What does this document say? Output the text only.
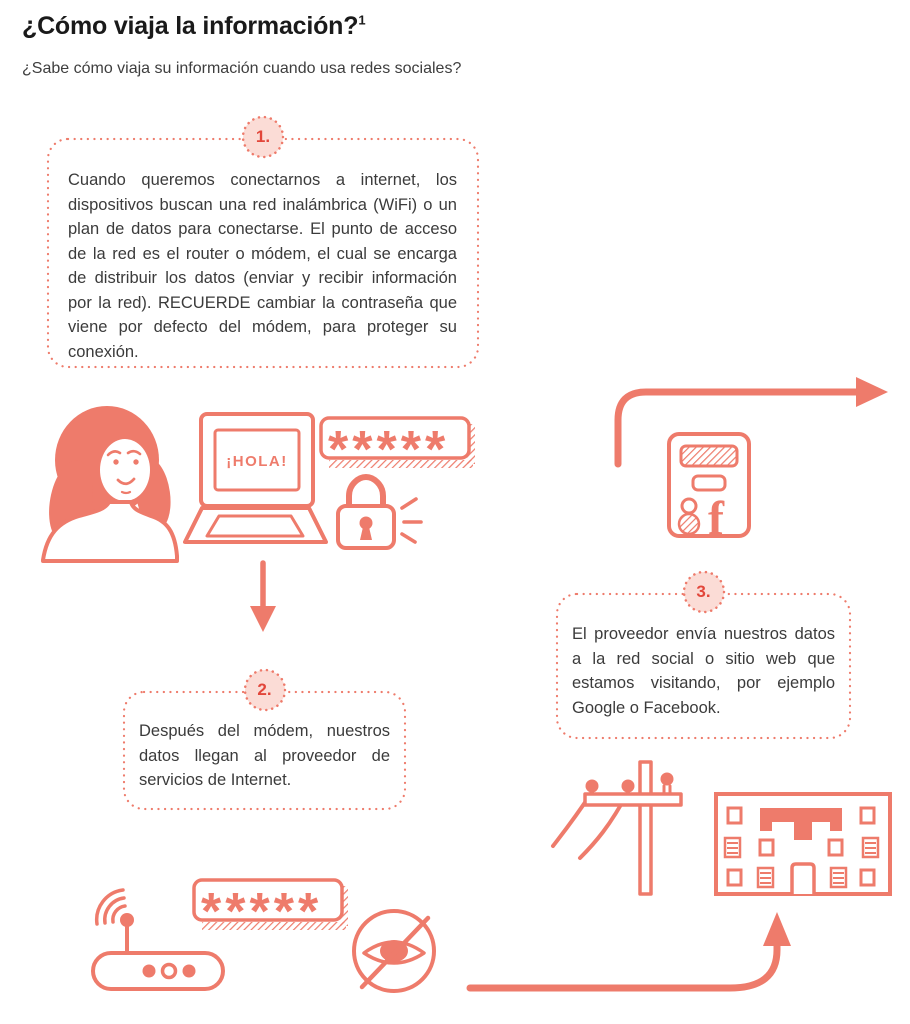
¿Cómo viaja la información?$^1$
¿Sabe cómo viaja su información cuando usa redes sociales?
1.
Cuando queremos conectarnos a internet, los dispositivos buscan una red inalámbrica (WiFi) o un plan de datos para conectarse. El punto de acceso de la red es el router o módem, el cual se encarga de distribuir los datos (enviar y recibir información por la red). RECUERDE cambiar la contraseña que viene por defecto del módem, para proteger su conexión.
2.
Después del módem, nuestros datos llegan al proveedor de servicios de Internet.
3.
El proveedor envía nuestros datos a la red social o sitio web que estamos visitando, por ejemplo Google o Facebook.
¡HOLA! *****
f
*****
